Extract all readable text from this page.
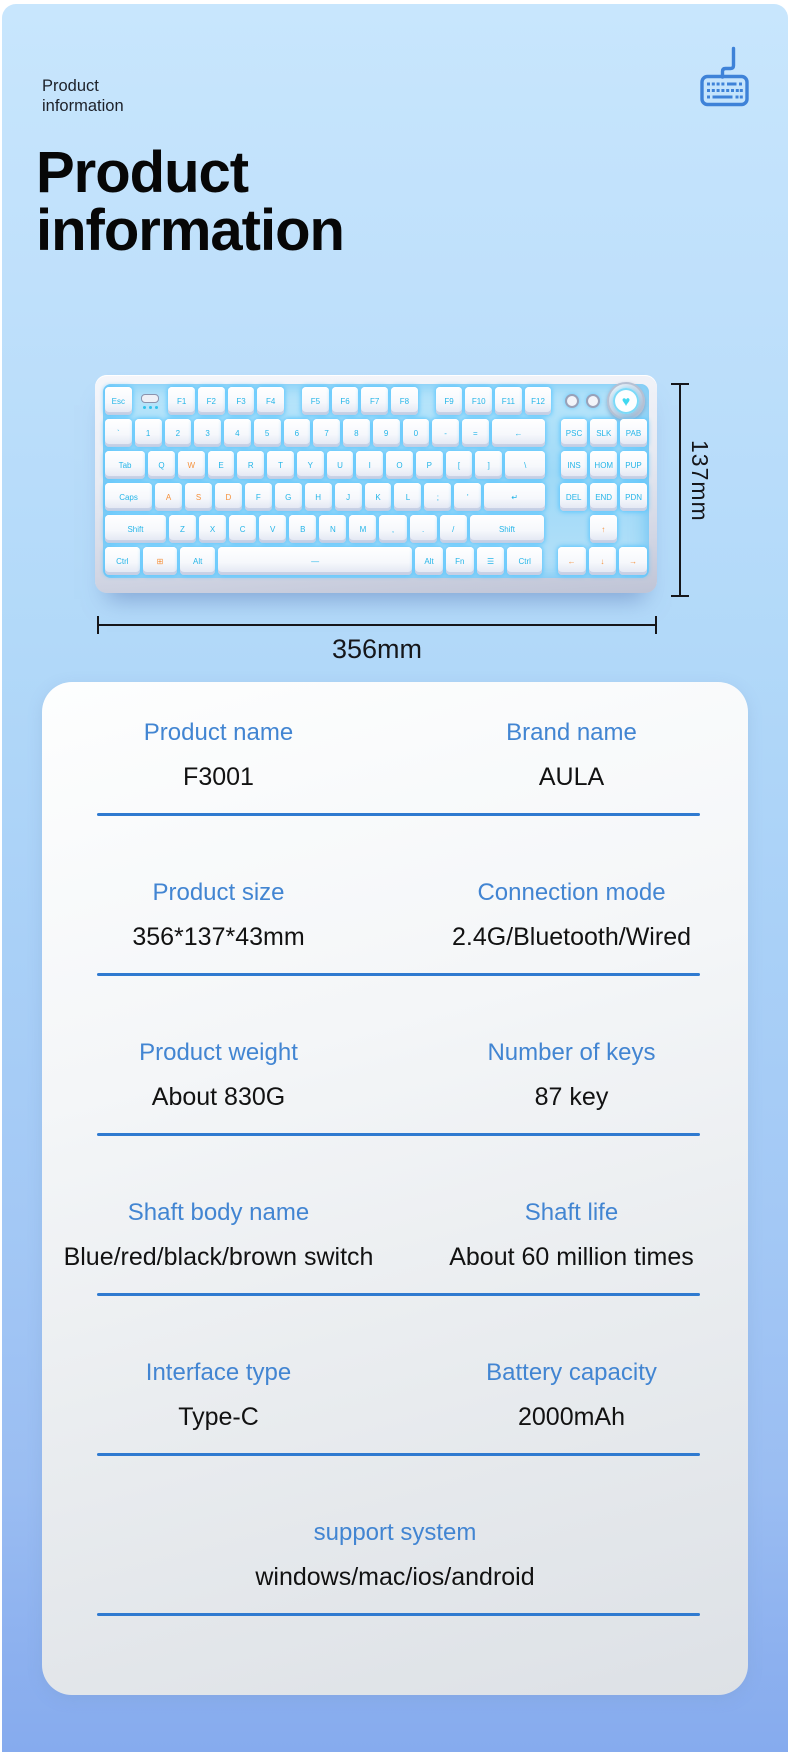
Product information
Product information
Esc	F1	F2	F3	F4	F5	F6	F7	F8	F9	F10	F11	F12	♥
`	1	2	3	4	5	6	7	8	9	0	-	=	←	PSC	SLK	PAB
Tab	Q	W	E	R	T	Y	U	I	O	P	[	]	\	INS	HOM	PUP
Caps	A	S	D	F	G	H	J	K	L	;	'	↵	DEL	END	PDN
Shift	Z	X	C	V	B	N	M	,	.	/	Shift	↑
Ctrl	⊞	Alt	—	Alt	Fn	☰	Ctrl	←	↓	→
137mm
356mm
Product name
F3001
Brand name
AULA
Product size
356*137*43mm
Connection mode
2.4G/Bluetooth/Wired
Product weight
About 830G
Number of keys
87 key
Shaft body name
Blue/red/black/brown switch
Shaft life
About 60 million times
Interface type
Type-C
Battery capacity
2000mAh
support system
windows/mac/ios/android
